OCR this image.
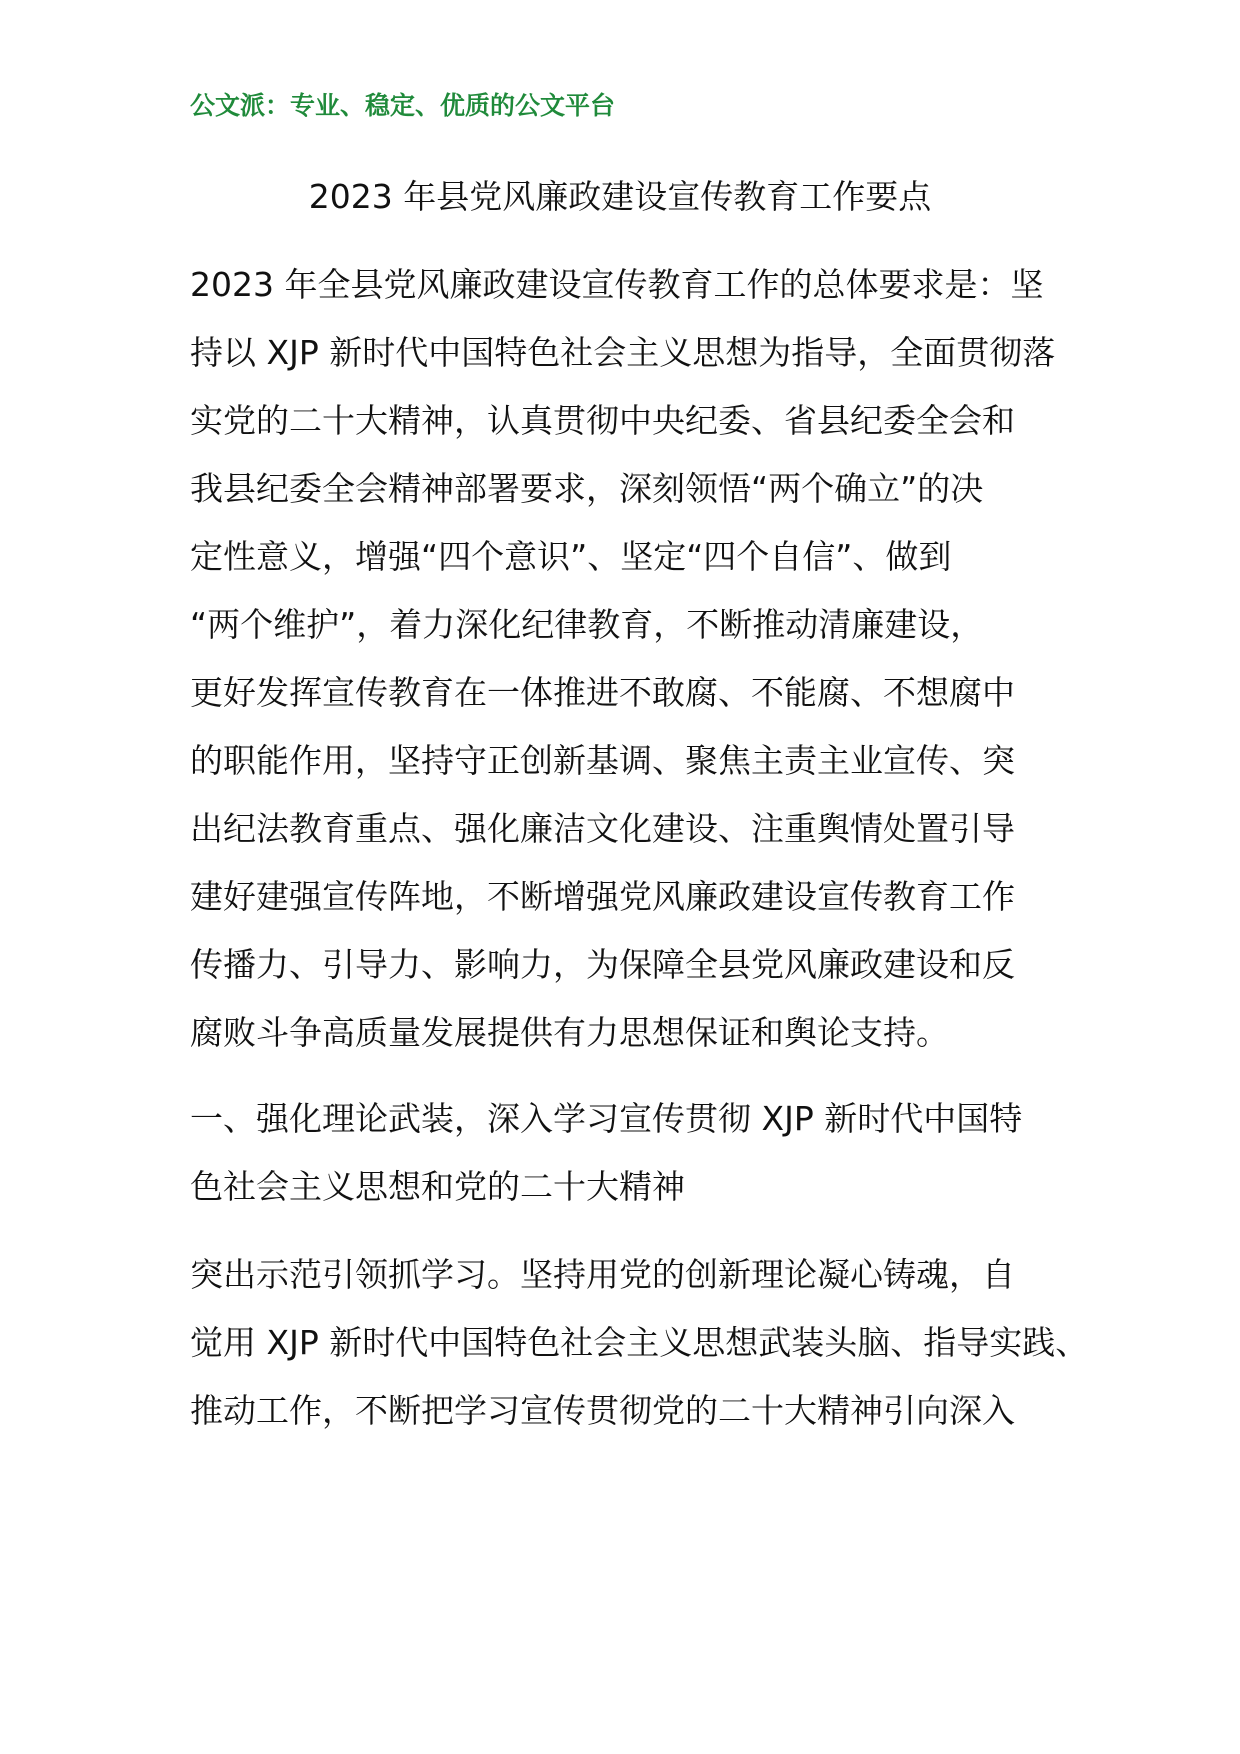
公文派：专业、稳定、优质的公文平台
2023 年县党风廉政建设宣传教育工作要点
2023 年全县党风廉政建设宣传教育工作的总体要求是：坚
持以 XJP 新时代中国特色社会主义思想为指导，全面贯彻落
实党的二十大精神，认真贯彻中央纪委、省县纪委全会和
我县纪委全会精神部署要求，深刻领悟“两个确立”的决
定性意义，增强“四个意识”、坚定“四个自信”、做到
“两个维护”，着力深化纪律教育，不断推动清廉建设，
更好发挥宣传教育在一体推进不敢腐、不能腐、不想腐中
的职能作用，坚持守正创新基调、聚焦主责主业宣传、突
出纪法教育重点、强化廉洁文化建设、注重舆情处置引导
建好建强宣传阵地，不断增强党风廉政建设宣传教育工作
传播力、引导力、影响力，为保障全县党风廉政建设和反
腐败斗争高质量发展提供有力思想保证和舆论支持。
一、强化理论武装，深入学习宣传贯彻 XJP 新时代中国特
色社会主义思想和党的二十大精神
突出示范引领抓学习。坚持用党的创新理论凝心铸魂，自
觉用 XJP 新时代中国特色社会主义思想武装头脑、指导实践、
推动工作，不断把学习宣传贯彻党的二十大精神引向深入
